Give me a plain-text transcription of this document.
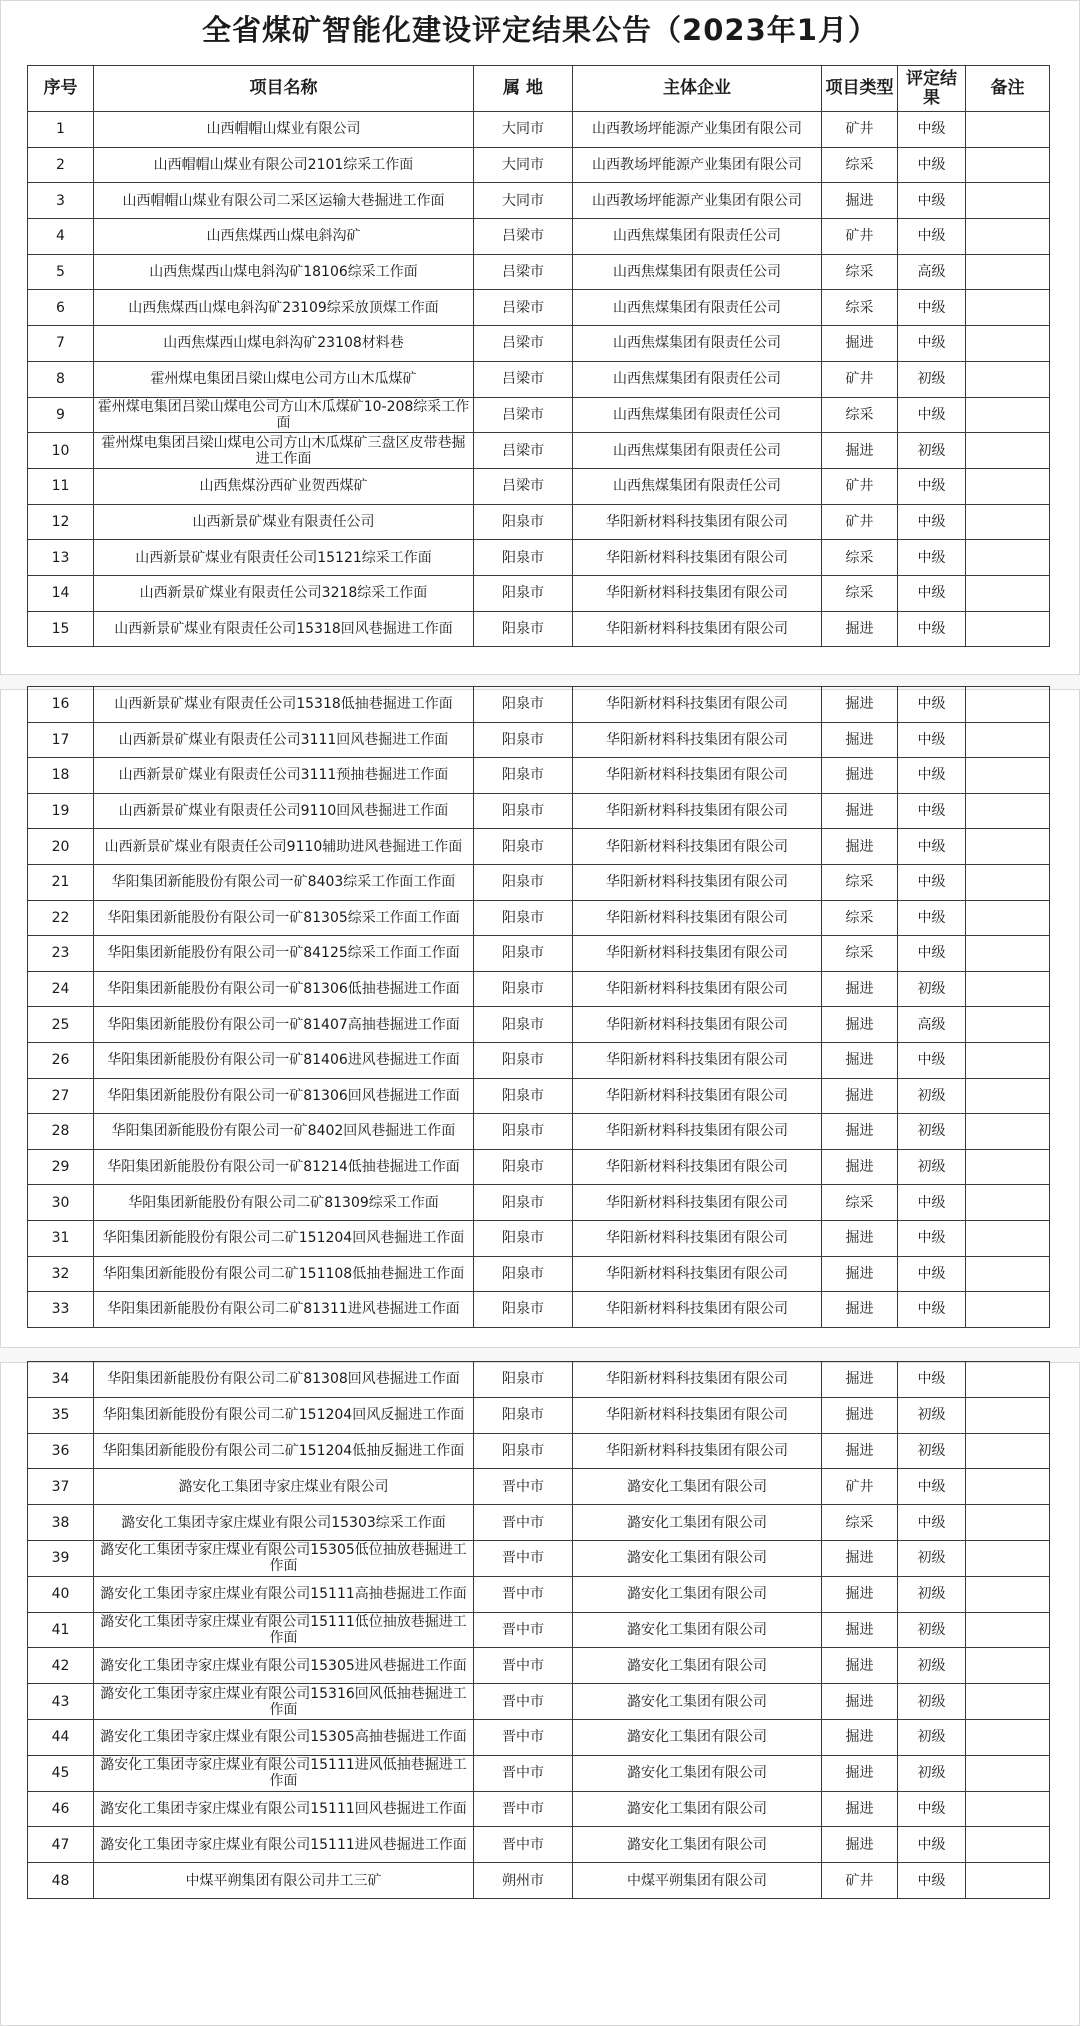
全省煤矿智能化建设评定结果公告（2023年1月）
序号	项目名称	属 地	主体企业	项目类型	评定结果	备注
1	山西帽帽山煤业有限公司	大同市	山西教场坪能源产业集团有限公司	矿井	中级	
2	山西帽帽山煤业有限公司2101综采工作面	大同市	山西教场坪能源产业集团有限公司	综采	中级	
3	山西帽帽山煤业有限公司二采区运输大巷掘进工作面	大同市	山西教场坪能源产业集团有限公司	掘进	中级	
4	山西焦煤西山煤电斜沟矿	吕梁市	山西焦煤集团有限责任公司	矿井	中级	
5	山西焦煤西山煤电斜沟矿18106综采工作面	吕梁市	山西焦煤集团有限责任公司	综采	高级	
6	山西焦煤西山煤电斜沟矿23109综采放顶煤工作面	吕梁市	山西焦煤集团有限责任公司	综采	中级	
7	山西焦煤西山煤电斜沟矿23108材料巷	吕梁市	山西焦煤集团有限责任公司	掘进	中级	
8	霍州煤电集团吕梁山煤电公司方山木瓜煤矿	吕梁市	山西焦煤集团有限责任公司	矿井	初级	
9	霍州煤电集团吕梁山煤电公司方山木瓜煤矿10-208综采工作面	吕梁市	山西焦煤集团有限责任公司	综采	中级	
10	霍州煤电集团吕梁山煤电公司方山木瓜煤矿三盘区皮带巷掘进工作面	吕梁市	山西焦煤集团有限责任公司	掘进	初级	
11	山西焦煤汾西矿业贺西煤矿	吕梁市	山西焦煤集团有限责任公司	矿井	中级	
12	山西新景矿煤业有限责任公司	阳泉市	华阳新材料科技集团有限公司	矿井	中级	
13	山西新景矿煤业有限责任公司15121综采工作面	阳泉市	华阳新材料科技集团有限公司	综采	中级	
14	山西新景矿煤业有限责任公司3218综采工作面	阳泉市	华阳新材料科技集团有限公司	综采	中级	
15	山西新景矿煤业有限责任公司15318回风巷掘进工作面	阳泉市	华阳新材料科技集团有限公司	掘进	中级	
16	山西新景矿煤业有限责任公司15318低抽巷掘进工作面	阳泉市	华阳新材料科技集团有限公司	掘进	中级	
17	山西新景矿煤业有限责任公司3111回风巷掘进工作面	阳泉市	华阳新材料科技集团有限公司	掘进	中级	
18	山西新景矿煤业有限责任公司3111预抽巷掘进工作面	阳泉市	华阳新材料科技集团有限公司	掘进	中级	
19	山西新景矿煤业有限责任公司9110回风巷掘进工作面	阳泉市	华阳新材料科技集团有限公司	掘进	中级	
20	山西新景矿煤业有限责任公司9110辅助进风巷掘进工作面	阳泉市	华阳新材料科技集团有限公司	掘进	中级	
21	华阳集团新能股份有限公司一矿8403综采工作面工作面	阳泉市	华阳新材料科技集团有限公司	综采	中级	
22	华阳集团新能股份有限公司一矿81305综采工作面工作面	阳泉市	华阳新材料科技集团有限公司	综采	中级	
23	华阳集团新能股份有限公司一矿84125综采工作面工作面	阳泉市	华阳新材料科技集团有限公司	综采	中级	
24	华阳集团新能股份有限公司一矿81306低抽巷掘进工作面	阳泉市	华阳新材料科技集团有限公司	掘进	初级	
25	华阳集团新能股份有限公司一矿81407高抽巷掘进工作面	阳泉市	华阳新材料科技集团有限公司	掘进	高级	
26	华阳集团新能股份有限公司一矿81406进风巷掘进工作面	阳泉市	华阳新材料科技集团有限公司	掘进	中级	
27	华阳集团新能股份有限公司一矿81306回风巷掘进工作面	阳泉市	华阳新材料科技集团有限公司	掘进	初级	
28	华阳集团新能股份有限公司一矿8402回风巷掘进工作面	阳泉市	华阳新材料科技集团有限公司	掘进	初级	
29	华阳集团新能股份有限公司一矿81214低抽巷掘进工作面	阳泉市	华阳新材料科技集团有限公司	掘进	初级	
30	华阳集团新能股份有限公司二矿81309综采工作面	阳泉市	华阳新材料科技集团有限公司	综采	中级	
31	华阳集团新能股份有限公司二矿151204回风巷掘进工作面	阳泉市	华阳新材料科技集团有限公司	掘进	中级	
32	华阳集团新能股份有限公司二矿151108低抽巷掘进工作面	阳泉市	华阳新材料科技集团有限公司	掘进	中级	
33	华阳集团新能股份有限公司二矿81311进风巷掘进工作面	阳泉市	华阳新材料科技集团有限公司	掘进	中级	
34	华阳集团新能股份有限公司二矿81308回风巷掘进工作面	阳泉市	华阳新材料科技集团有限公司	掘进	中级	
35	华阳集团新能股份有限公司二矿151204回风反掘进工作面	阳泉市	华阳新材料科技集团有限公司	掘进	初级	
36	华阳集团新能股份有限公司二矿151204低抽反掘进工作面	阳泉市	华阳新材料科技集团有限公司	掘进	初级	
37	潞安化工集团寺家庄煤业有限公司	晋中市	潞安化工集团有限公司	矿井	中级	
38	潞安化工集团寺家庄煤业有限公司15303综采工作面	晋中市	潞安化工集团有限公司	综采	中级	
39	潞安化工集团寺家庄煤业有限公司15305低位抽放巷掘进工作面	晋中市	潞安化工集团有限公司	掘进	初级	
40	潞安化工集团寺家庄煤业有限公司15111高抽巷掘进工作面	晋中市	潞安化工集团有限公司	掘进	初级	
41	潞安化工集团寺家庄煤业有限公司15111低位抽放巷掘进工作面	晋中市	潞安化工集团有限公司	掘进	初级	
42	潞安化工集团寺家庄煤业有限公司15305进风巷掘进工作面	晋中市	潞安化工集团有限公司	掘进	初级	
43	潞安化工集团寺家庄煤业有限公司15316回风低抽巷掘进工作面	晋中市	潞安化工集团有限公司	掘进	初级	
44	潞安化工集团寺家庄煤业有限公司15305高抽巷掘进工作面	晋中市	潞安化工集团有限公司	掘进	初级	
45	潞安化工集团寺家庄煤业有限公司15111进风低抽巷掘进工作面	晋中市	潞安化工集团有限公司	掘进	初级	
46	潞安化工集团寺家庄煤业有限公司15111回风巷掘进工作面	晋中市	潞安化工集团有限公司	掘进	中级	
47	潞安化工集团寺家庄煤业有限公司15111进风巷掘进工作面	晋中市	潞安化工集团有限公司	掘进	中级	
48	中煤平朔集团有限公司井工三矿	朔州市	中煤平朔集团有限公司	矿井	中级	
